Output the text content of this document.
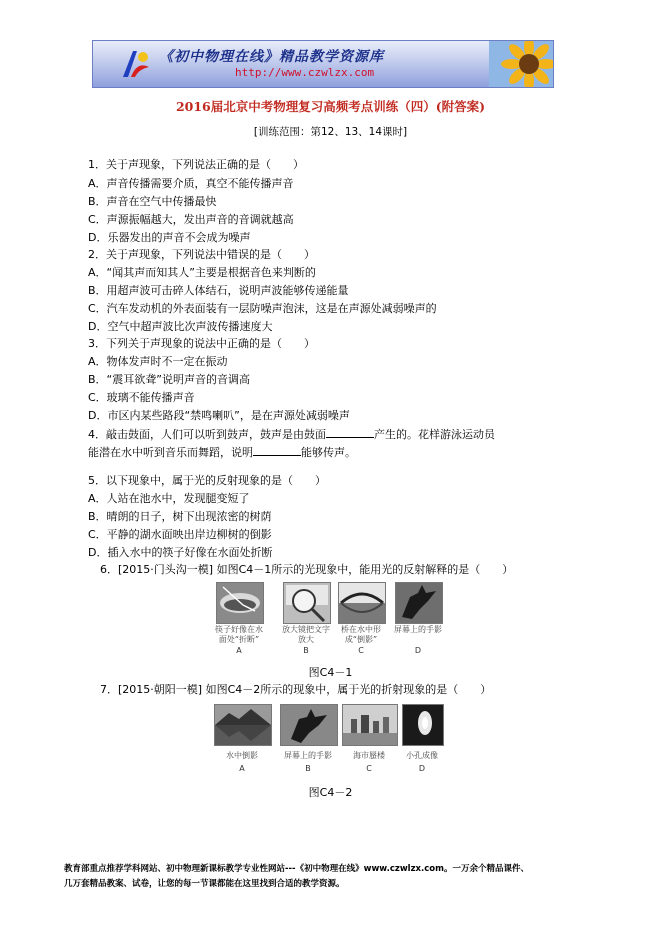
《初中物理在线》精品教学资源库
http://www.czwlzx.com
2016届北京中考物理复习高频考点训练（四）(附答案)
[训练范围：第12、13、14课时]
1．关于声现象，下列说法正确的是（　　）
A．声音传播需要介质，真空不能传播声音
B．声音在空气中传播最快
C．声源振幅越大，发出声音的音调就越高
D．乐器发出的声音不会成为噪声
2．关于声现象，下列说法中错误的是（　　）
A．“闻其声而知其人”主要是根据音色来判断的
B．用超声波可击碎人体结石，说明声波能够传递能量
C．汽车发动机的外表面装有一层防噪声泡沫，这是在声源处减弱噪声的
D．空气中超声波比次声波传播速度大
3．下列关于声现象的说法中正确的是（　　）
A．物体发声时不一定在振动
B．“震耳欲聋”说明声音的音调高
C．玻璃不能传播声音
D．市区内某些路段“禁鸣喇叭”，是在声源处减弱噪声
4．敲击鼓面，人们可以听到鼓声，鼓声是由鼓面	产生的。花样游泳运动员
能潜在水中听到音乐而舞蹈，说明	能够传声。
5．以下现象中，属于光的反射现象的是（　　）
A．人站在池水中，发现腿变短了
B．晴朗的日子，树下出现浓密的树荫
C．平静的湖水面映出岸边柳树的倒影
D．插入水中的筷子好像在水面处折断
6．[2015·门头沟一模] 如图C4－1所示的光现象中，能用光的反射解释的是（　　）
筷子好像在水面处“折断”
A
放大镜把文字放大
B
桥在水中形成“倒影”
C
屏幕上的手影
D
图C4－1
7．[2015·朝阳一模] 如图C4－2所示的现象中，属于光的折射现象的是（　　）
水中倒影
A
屏幕上的手影
B
海市蜃楼
C
小孔成像
D
图C4－2
教育部重点推荐学科网站、初中物理新课标教学专业性网站---《初中物理在线》www.czwlzx.com。一万余个精品课件、
几万套精品教案、试卷，让您的每一节课都能在这里找到合适的教学资源。
